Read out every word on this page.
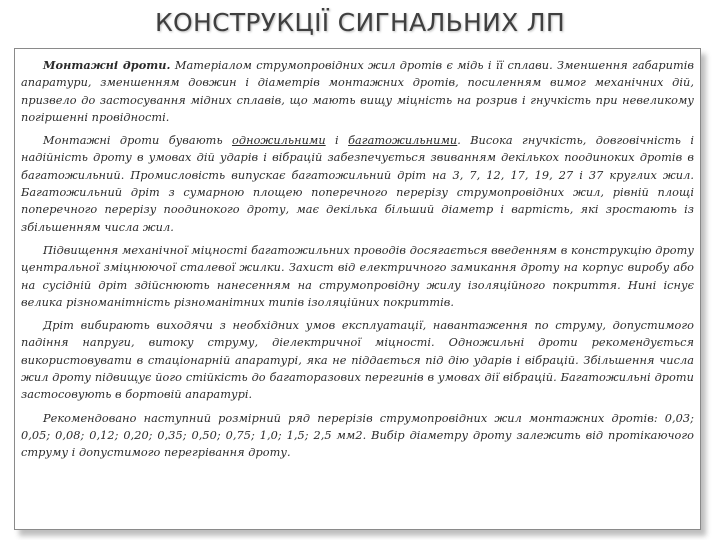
КОНСТРУКЦІЇ СИГНАЛЬНИХ ЛП

Монтажні дроти. Матеріалом струмопровідних жил дротів є мідь і її сплави. Зменшення габаритів апаратури, зменшенням довжин і діаметрів монтажних дротів, посиленням вимог механічних дій, призвело до застосування мідних сплавів, що мають вищу міцність на розрив і гнучкість при невеликому погіршенні провідності.

Монтажні дроти бувають одножильними і багатожильними. Висока гнучкість, довговічність і надійність дроту в умовах дій ударів і вібрацій забезпечується звиванням декількох поодиноких дротів в багатожильний. Промисловість випускає багатожильний дріт на 3, 7, 12, 17, 19, 27 і 37 круглих жил. Багатожильний дріт з сумарною площею поперечного перерізу струмопровідних жил, рівній площі поперечного перерізу поодинокого дроту, має декілька більший діаметр і вартість, які зростають із збільшенням числа жил.

Підвищення механічної міцності багатожильних проводів досягається введенням в конструкцію дроту центральної зміцнюючої сталевої жилки. Захист від електричного замикання дроту на корпус виробу або на сусідній дріт здійснюють нанесенням на струмопровідну жилу ізоляційного покриття. Нині існує велика різноманітність різноманітних типів ізоляційних покриттів.

Дріт вибирають виходячи з необхідних умов експлуатації, навантаження по струму, допустимого падіння напруги, витоку струму, діелектричної міцності. Одножильні дроти рекомендується використовувати в стаціонарній апаратурі, яка не піддається під дію ударів і вібрацій. Збільшення числа жил дроту підвищує його стійкість до багаторазових перегинів в умовах дії вібрацій. Багатожильні дроти застосовують в бортовій апаратурі.

Рекомендовано наступний розмірний ряд перерізів струмопровідних жил монтажних дротів: 0,03; 0,05; 0,08; 0,12; 0,20; 0,35; 0,50; 0,75; 1,0; 1,5; 2,5 мм2. Вибір діаметру дроту залежить від протікаючого струму і допустимого перегрівання дроту.
